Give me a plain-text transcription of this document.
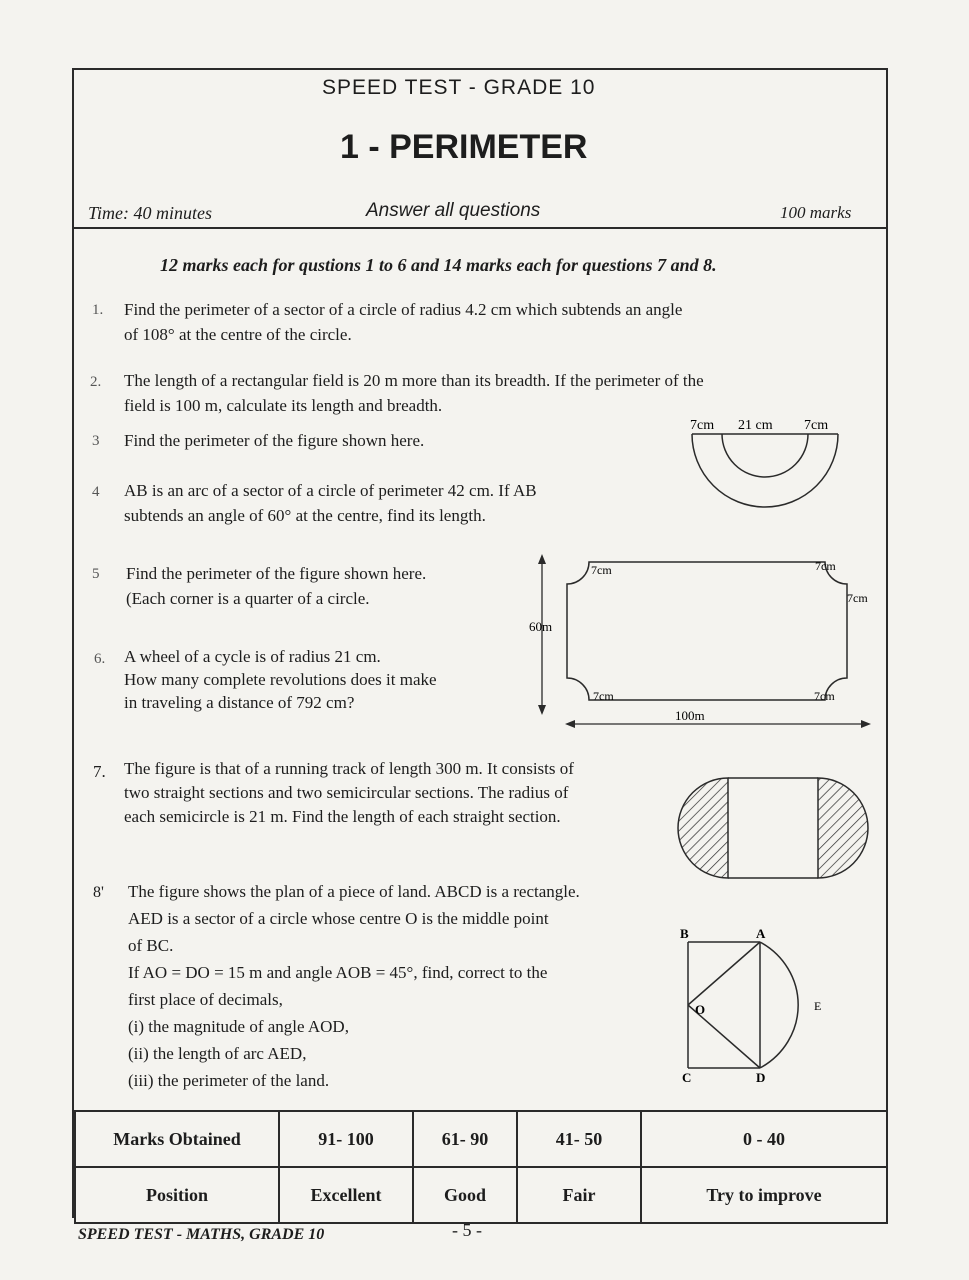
SPEED TEST - GRADE 10
1 - PERIMETER
Time: 40 minutes	Answer all questions	100 marks
12 marks each for qustions 1 to 6 and 14 marks each for questions 7 and 8.
1. Find the perimeter of a sector of a circle of radius 4.2 cm which subtends an angle
of 108° at the centre of the circle.
2. The length of a rectangular field is 20 m more than its breadth. If the perimeter of the
field is 100 m, calculate its length and breadth.
3 Find the perimeter of the figure shown here.
7cm 21 cm 7cm
4 AB is an arc of a sector of a circle of perimeter 42 cm. If AB
subtends an angle of 60° at the centre, find its length.
5 Find the perimeter of the figure shown here.
(Each corner is a quarter of a circle.
60m
7cm	7cm
7cm
7cm	7cm
100m
6. A wheel of a cycle is of radius 21 cm.
How many complete revolutions does it make
in traveling a distance of 792 cm?
7. The figure is that of a running track of length 300 m. It consists of
two straight sections and two semicircular sections. The radius of
each semicircle is 21 m. Find the length of each straight section.
8' The figure shows the plan of a piece of land. ABCD is a rectangle.
AED is a sector of a circle whose centre O is the middle point
of BC.
If AO = DO = 15 m and angle AOB = 45°, find, correct to the
first place of decimals,
(i) the magnitude of angle AOD,
(ii) the length of arc AED,
(iii) the perimeter of the land.
B	A
O
C	D
E
Marks Obtained	91- 100	61- 90	41- 50	0 - 40
Position	Excellent	Good	Fair	Try to improve
SPEED TEST - MATHS, GRADE 10	- 5 -
